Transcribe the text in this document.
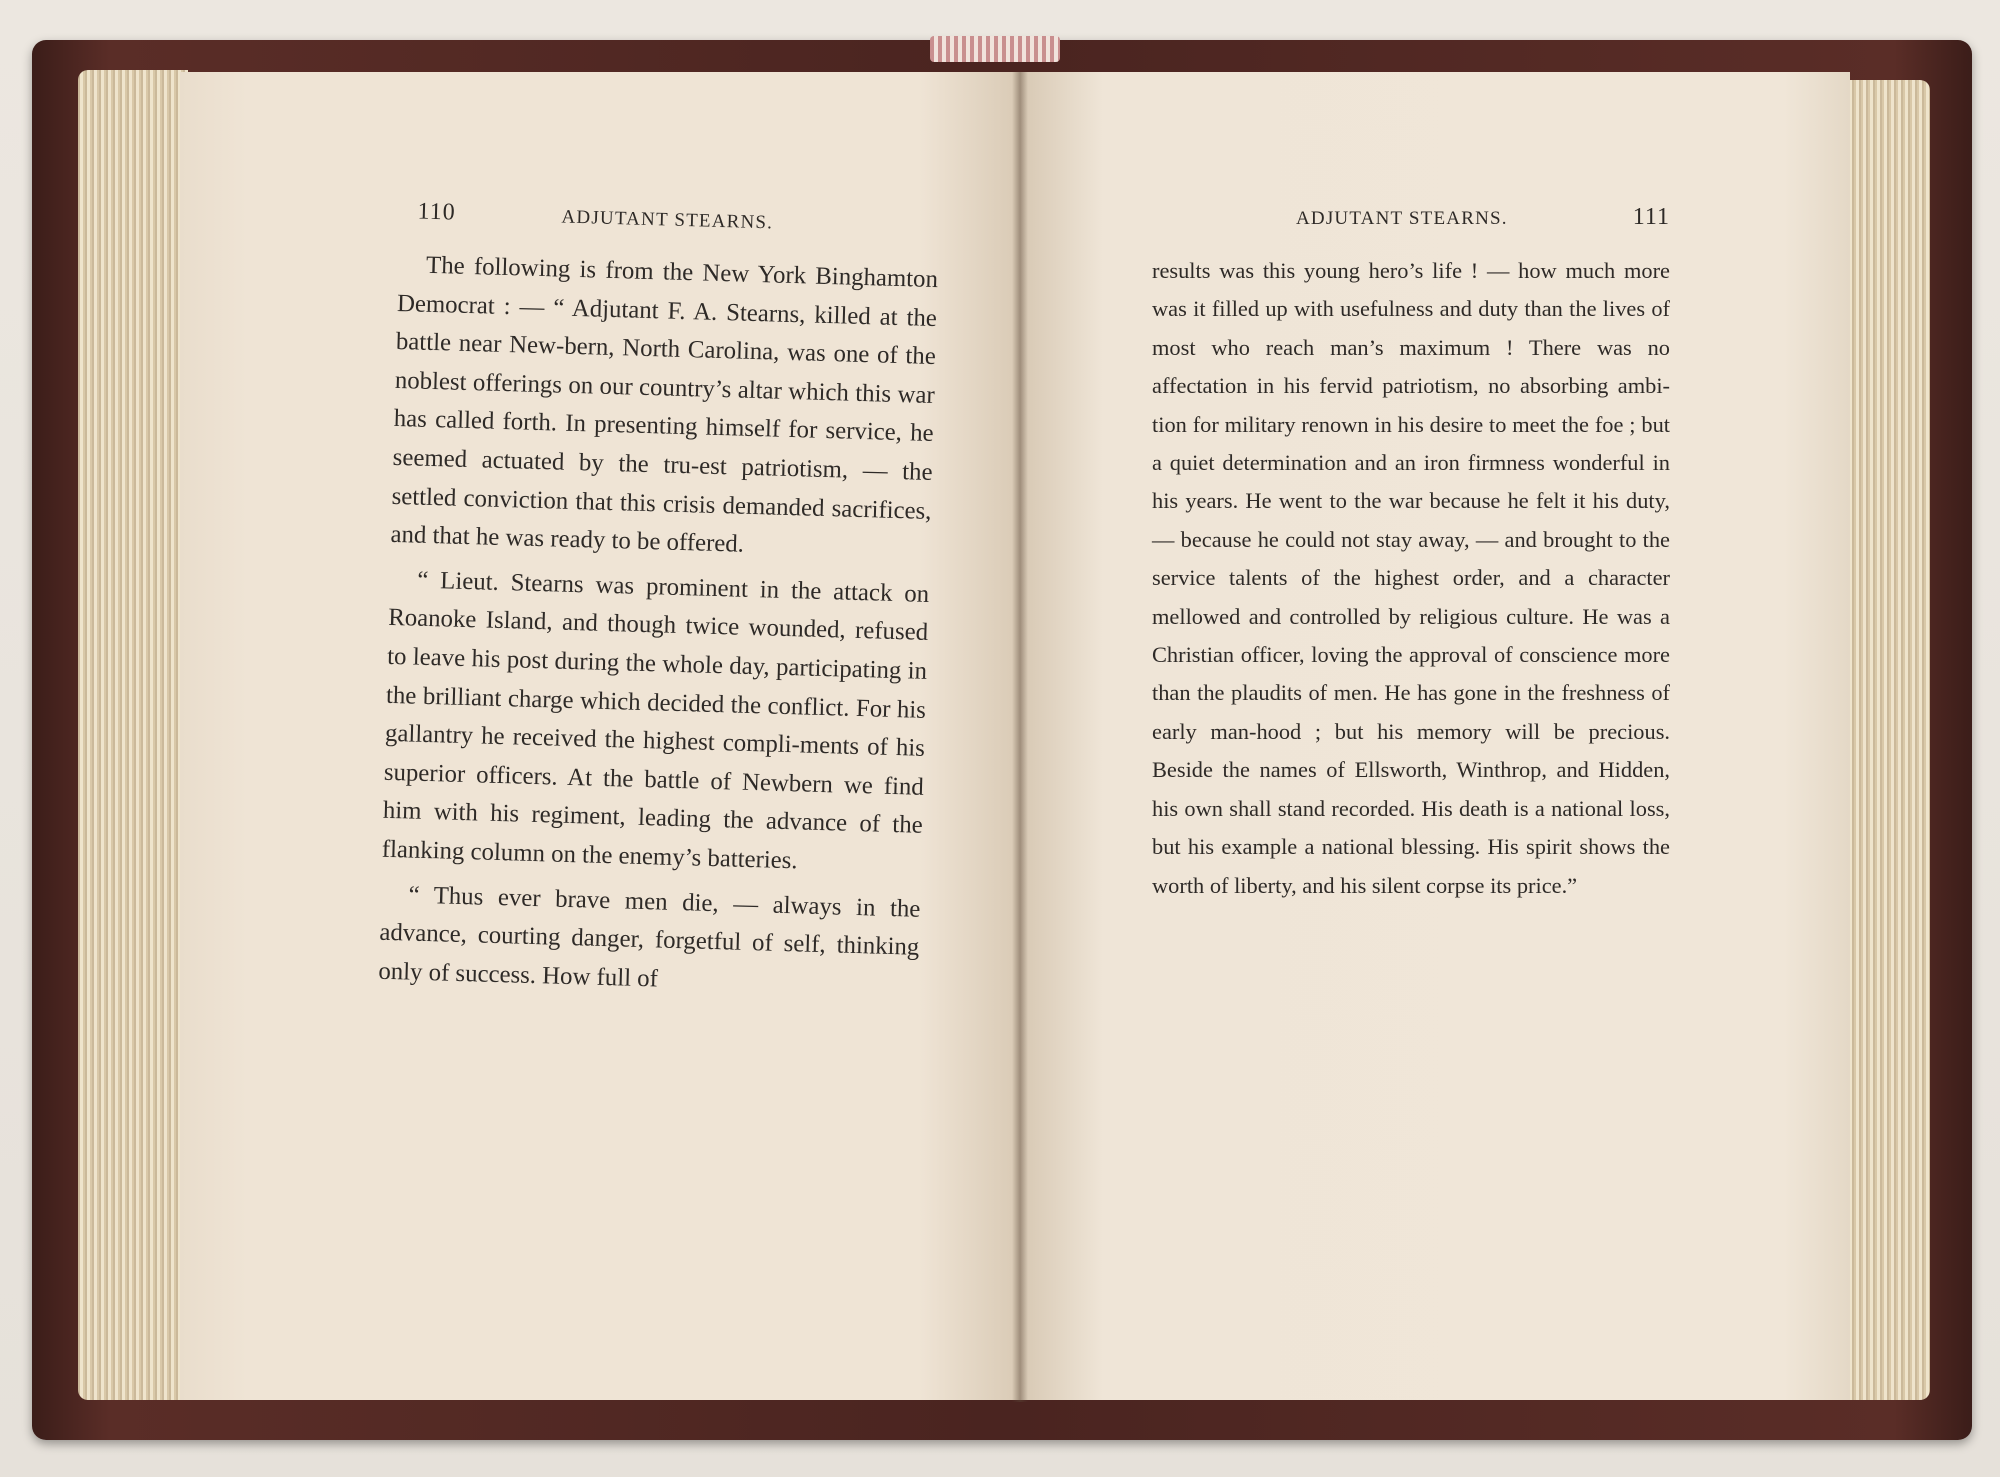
110	ADJUTANT STEARNS.

The following is from the New York Binghamton Democrat : — “ Adjutant F. A. Stearns, killed at the battle near New-bern, North Carolina, was one of the noblest offerings on our country’s altar which this war has called forth. In presenting himself for service, he seemed actuated by the tru-est patriotism, — the settled conviction that this crisis demanded sacrifices, and that he was ready to be offered.

“ Lieut. Stearns was prominent in the attack on Roanoke Island, and though twice wounded, refused to leave his post during the whole day, participating in the brilliant charge which decided the conflict. For his gallantry he received the highest compli-ments of his superior officers. At the battle of Newbern we find him with his regiment, leading the advance of the flanking column on the enemy’s batteries.

“ Thus ever brave men die, — always in the advance, courting danger, forgetful of self, thinking only of success. How full of

ADJUTANT STEARNS.	111

results was this young hero’s life ! — how much more was it filled up with usefulness and duty than the lives of most who reach man’s maximum ! There was no affectation in his fervid patriotism, no absorbing ambi-tion for military renown in his desire to meet the foe ; but a quiet determination and an iron firmness wonderful in his years. He went to the war because he felt it his duty, — because he could not stay away, — and brought to the service talents of the highest order, and a character mellowed and controlled by religious culture. He was a Christian officer, loving the approval of conscience more than the plaudits of men. He has gone in the freshness of early man-hood ; but his memory will be precious. Beside the names of Ellsworth, Winthrop, and Hidden, his own shall stand recorded. His death is a national loss, but his example a national blessing. His spirit shows the worth of liberty, and his silent corpse its price.”
